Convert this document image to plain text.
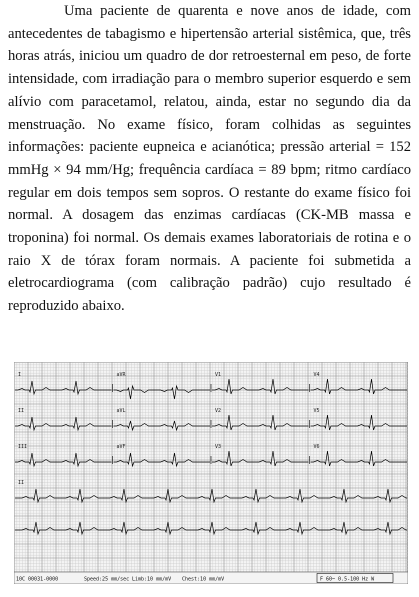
Uma paciente de quarenta e nove anos de idade, com antecedentes de tabagismo e hipertensão arterial sistêmica, que, três horas atrás, iniciou um quadro de dor retroesternal em peso, de forte intensidade, com irradiação para o membro superior esquerdo e sem alívio com paracetamol, relatou, ainda, estar no segundo dia da menstruação. No exame físico, foram colhidas as seguintes informações: paciente eupneica e acianótica; pressão arterial = 152 mmHg × 94 mm/Hg; frequência cardíaca = 89 bpm; ritmo cardíaco regular em dois tempos sem sopros. O restante do exame físico foi normal. A dosagem das enzimas cardíacas (CK-MB massa e troponina) foi normal. Os demais exames laboratoriais de rotina e o raio X de tórax foram normais. A paciente foi submetida a eletrocardiograma (com calibração padrão) cujo resultado é reproduzido abaixo.

I	aVR	V1	V4
II	aVL	V2	V5
III	aVF	V3	V6
II
10C 00031-0000	Speed:25 mm/sec Limb:10 mm/mV Chest:10 mm/mV	F 60~ 0.5-100 Hz W
